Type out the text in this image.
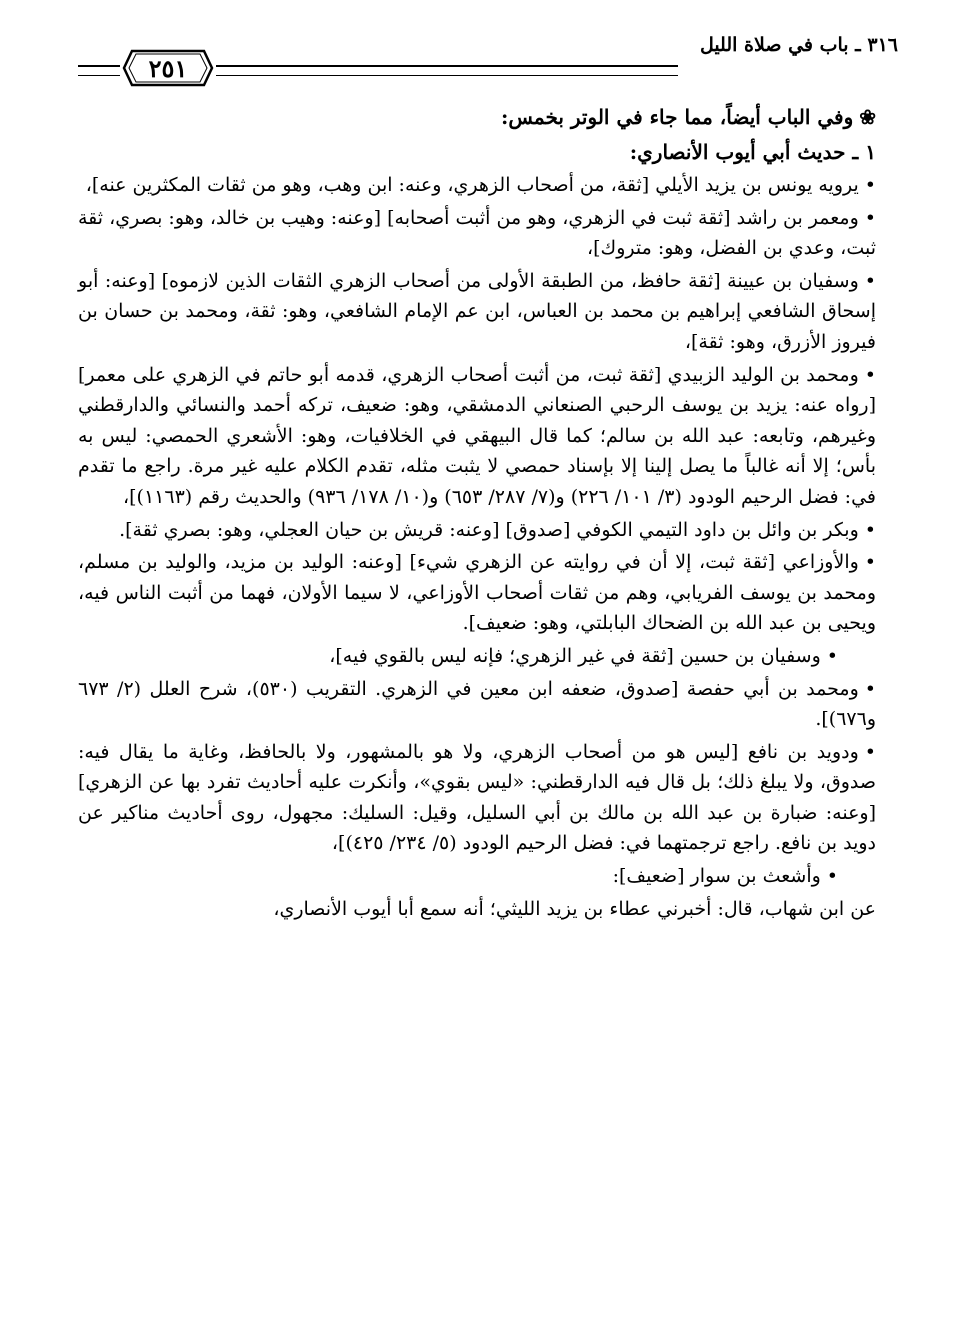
٣١٦ ـ باب في صلاة الليل
٢٥١

❀وفي الباب أيضاً، مما جاء في الوتر بخمس:

١ ـ حديث أبي أيوب الأنصاري:

•يرويه يونس بن يزيد الأيلي [ثقة، من أصحاب الزهري، وعنه: ابن وهب، وهو من ثقات المكثرين عنه]،

•ومعمر بن راشد [ثقة ثبت في الزهري، وهو من أثبت أصحابه] [وعنه: وهيب بن خالد، وهو: بصري، ثقة ثبت، وعدي بن الفضل، وهو: متروك]،

•وسفيان بن عيينة [ثقة حافظ، من الطبقة الأولى من أصحاب الزهري الثقات الذين لازموه] [وعنه: أبو إسحاق الشافعي إبراهيم بن محمد بن العباس، ابن عم الإمام الشافعي، وهو: ثقة، ومحمد بن حسان بن فيروز الأزرق، وهو: ثقة]،

•ومحمد بن الوليد الزبيدي [ثقة ثبت، من أثبت أصحاب الزهري، قدمه أبو حاتم في الزهري على معمر] [رواه عنه: يزيد بن يوسف الرحبي الصنعاني الدمشقي، وهو: ضعيف، تركه أحمد والنسائي والدارقطني وغيرهم، وتابعه: عبد الله بن سالم؛ كما قال البيهقي في الخلافيات، وهو: الأشعري الحمصي: ليس به بأس؛ إلا أنه غالباً ما يصل إلينا إلا بإسناد حمصي لا يثبت مثله، تقدم الكلام عليه غير مرة. راجع ما تقدم في: فضل الرحيم الودود (٣/ ١٠١/ ٢٢٦) و(٧/ ٢٨٧/ ٦٥٣) و(١٠/ ١٧٨/ ٩٣٦) والحديث رقم (١١٦٣)]،

•وبكر بن وائل بن داود التيمي الكوفي [صدوق] [وعنه: قريش بن حيان العجلي، وهو: بصري ثقة].

•والأوزاعي [ثقة ثبت، إلا أن في روايته عن الزهري شيء] [وعنه: الوليد بن مزيد، والوليد بن مسلم، ومحمد بن يوسف الفريابي، وهم من ثقات أصحاب الأوزاعي، لا سيما الأولان، فهما من أثبت الناس فيه، ويحيى بن عبد الله بن الضحاك البابلتي، وهو: ضعيف].

•وسفيان بن حسين [ثقة في غير الزهري؛ فإنه ليس بالقوي فيه]،

•ومحمد بن أبي حفصة [صدوق، ضعفه ابن معين في الزهري. التقريب (٥٣٠)، شرح العلل (٢/ ٦٧٣ و٦٧٦)].

•ودويد بن نافع [ليس هو من أصحاب الزهري، ولا هو بالمشهور، ولا بالحافظ، وغاية ما يقال فيه: صدوق، ولا يبلغ ذلك؛ بل قال فيه الدارقطني: «ليس بقوي»، وأنكرت عليه أحاديث تفرد بها عن الزهري] [وعنه: ضبارة بن عبد الله بن مالك بن أبي السليل، وقيل: السليك: مجهول، روى أحاديث مناكير عن دويد بن نافع. راجع ترجمتهما في: فضل الرحيم الودود (٥/ ٢٣٤/ ٤٢٥)]،

•وأشعث بن سوار [ضعيف]:

عن ابن شهاب، قال: أخبرني عطاء بن يزيد الليثي؛ أنه سمع أبا أيوب الأنصاري،
